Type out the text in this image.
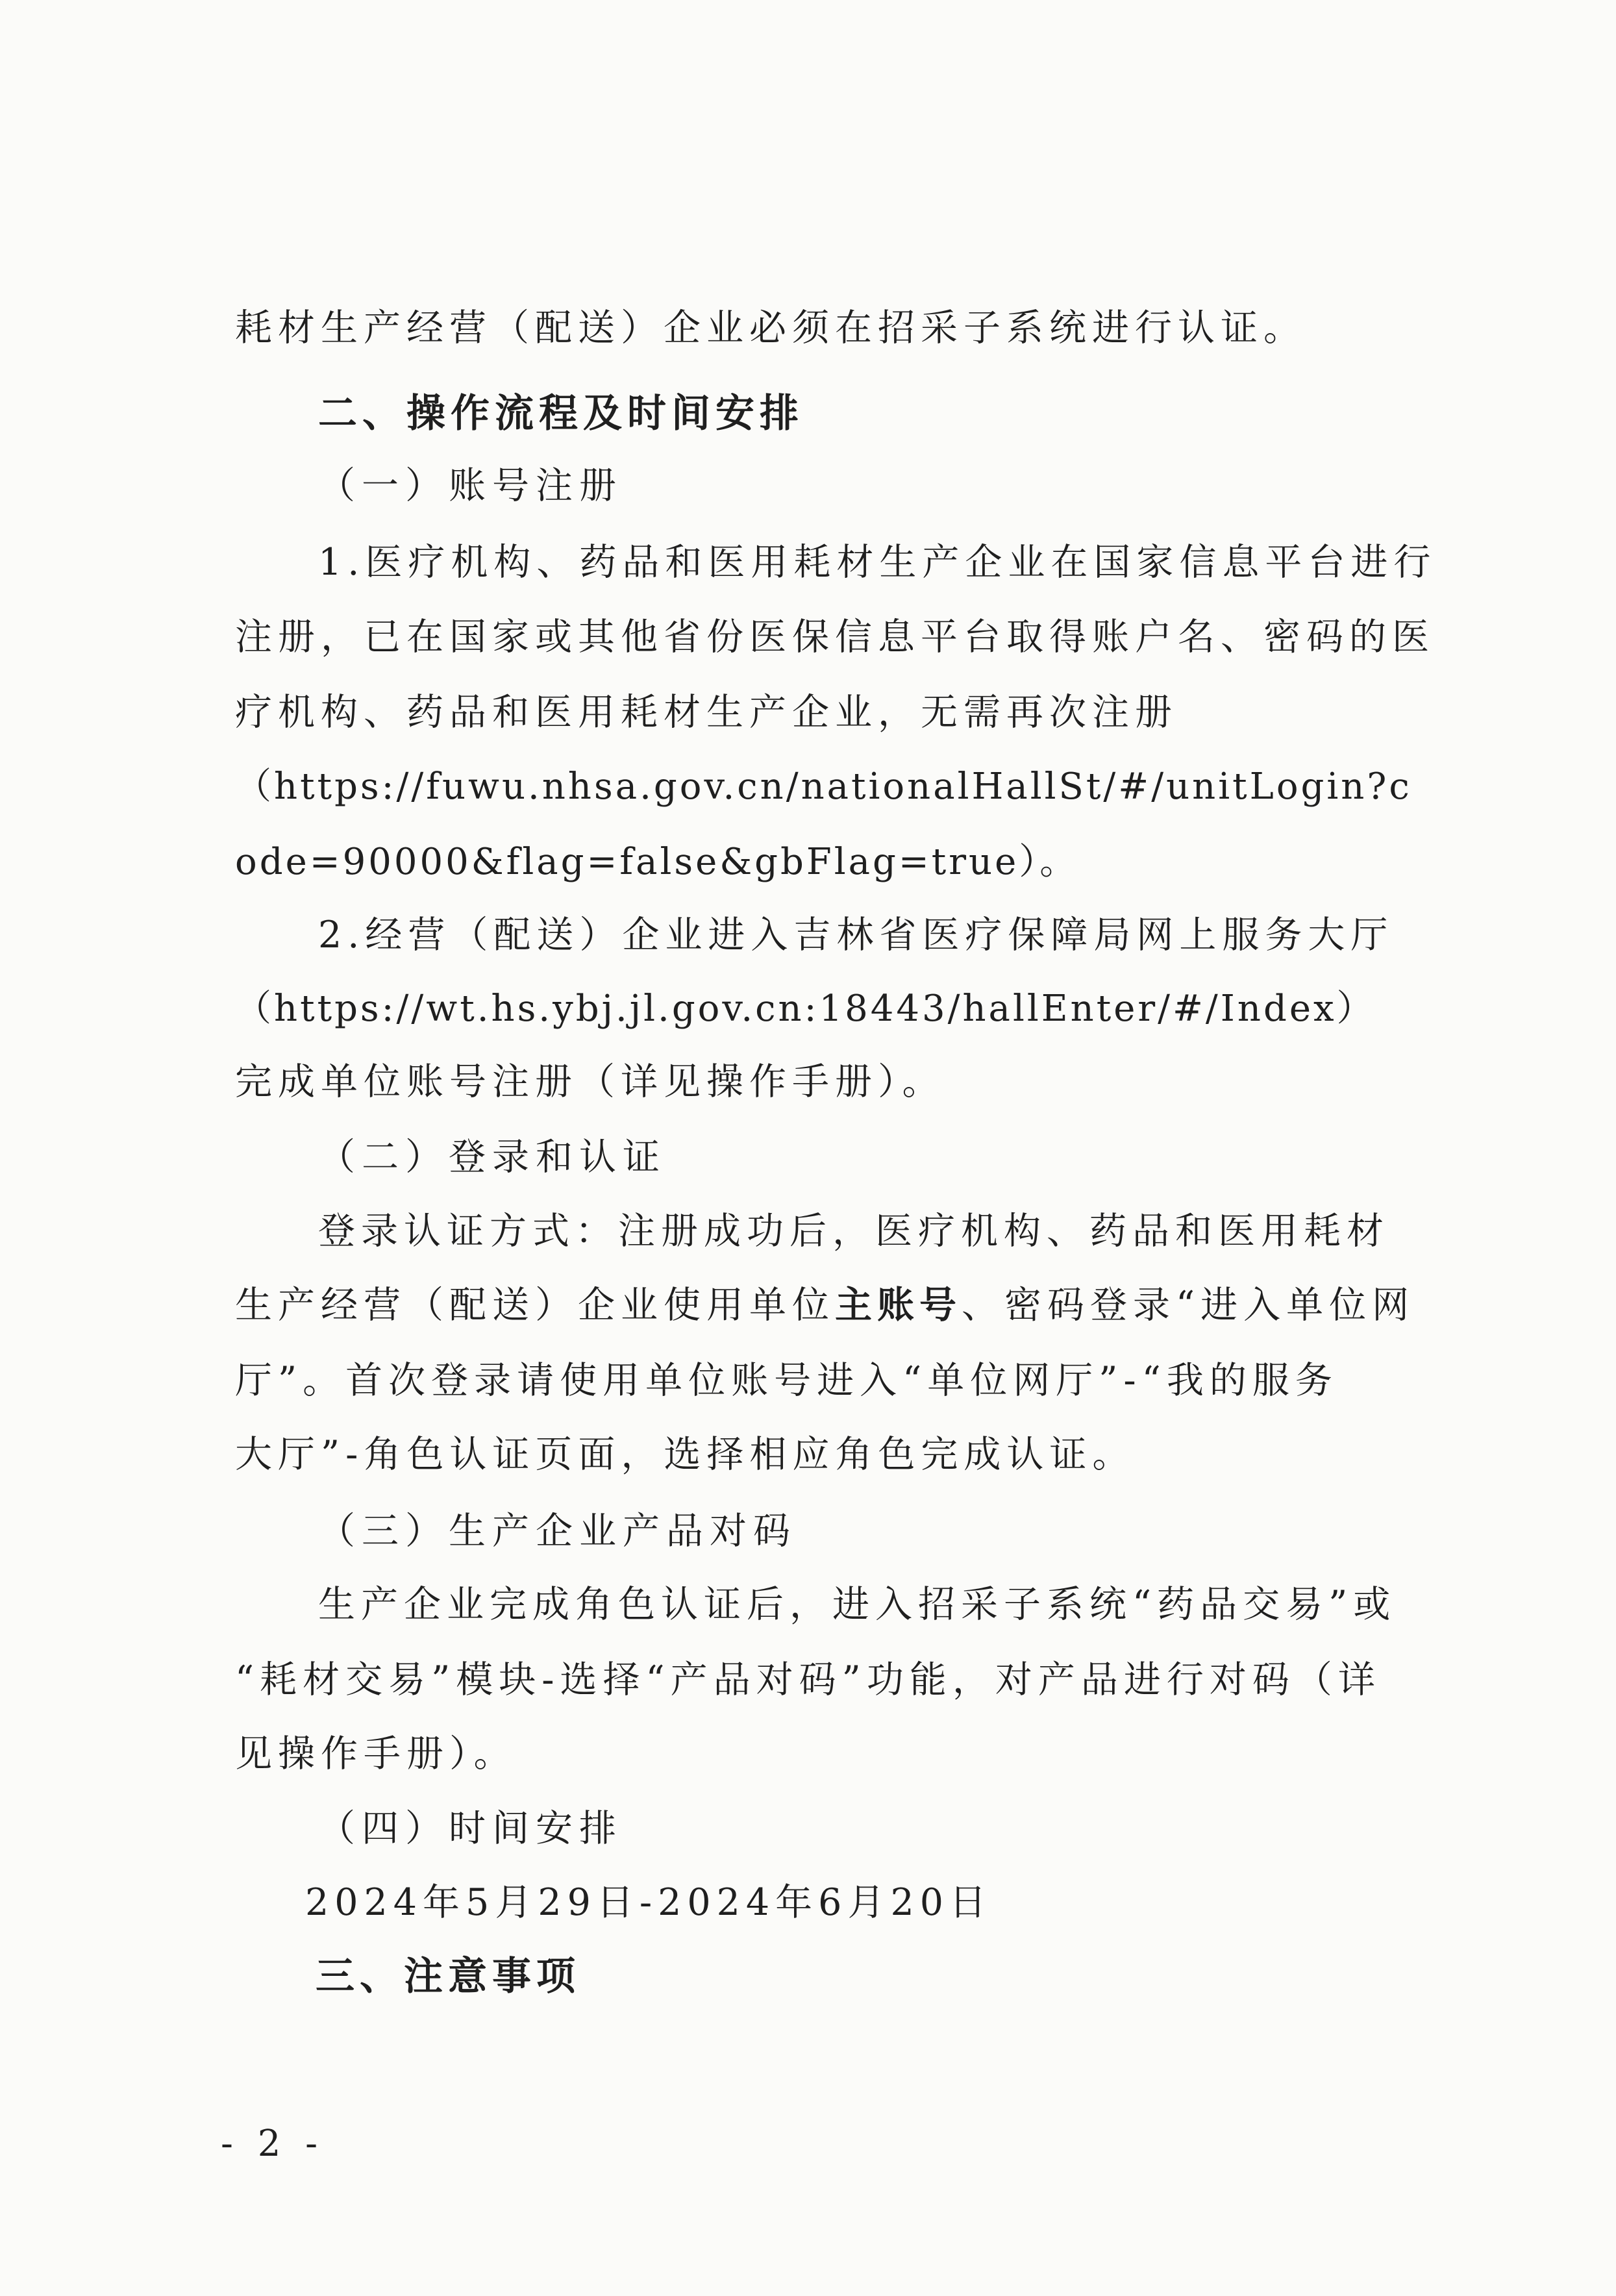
耗材生产经营（配送）企业必须在招采子系统进行认证。
二、操作流程及时间安排
（一）账号注册
1.医疗机构、药品和医用耗材生产企业在国家信息平台进行
注册，已在国家或其他省份医保信息平台取得账户名、密码的医
疗机构、药品和医用耗材生产企业，无需再次注册
（https://fuwu.nhsa.gov.cn/nationalHallSt/#/unitLogin?c
ode=90000&flag=false&gbFlag=true）。
2.经营（配送）企业进入吉林省医疗保障局网上服务大厅
（https://wt.hs.ybj.jl.gov.cn:18443/hallEnter/#/Index）
完成单位账号注册（详见操作手册）。
（二）登录和认证
登录认证方式：注册成功后，医疗机构、药品和医用耗材
生产经营（配送）企业使用单位主账号、密码登录“进入单位网
厅”。首次登录请使用单位账号进入“单位网厅”-“我的服务
大厅”-角色认证页面，选择相应角色完成认证。
（三）生产企业产品对码
生产企业完成角色认证后，进入招采子系统“药品交易”或
“耗材交易”模块-选择“产品对码”功能，对产品进行对码（详
见操作手册）。
（四）时间安排
2024年5月29日-2024年6月20日
三、注意事项
- 2 -
